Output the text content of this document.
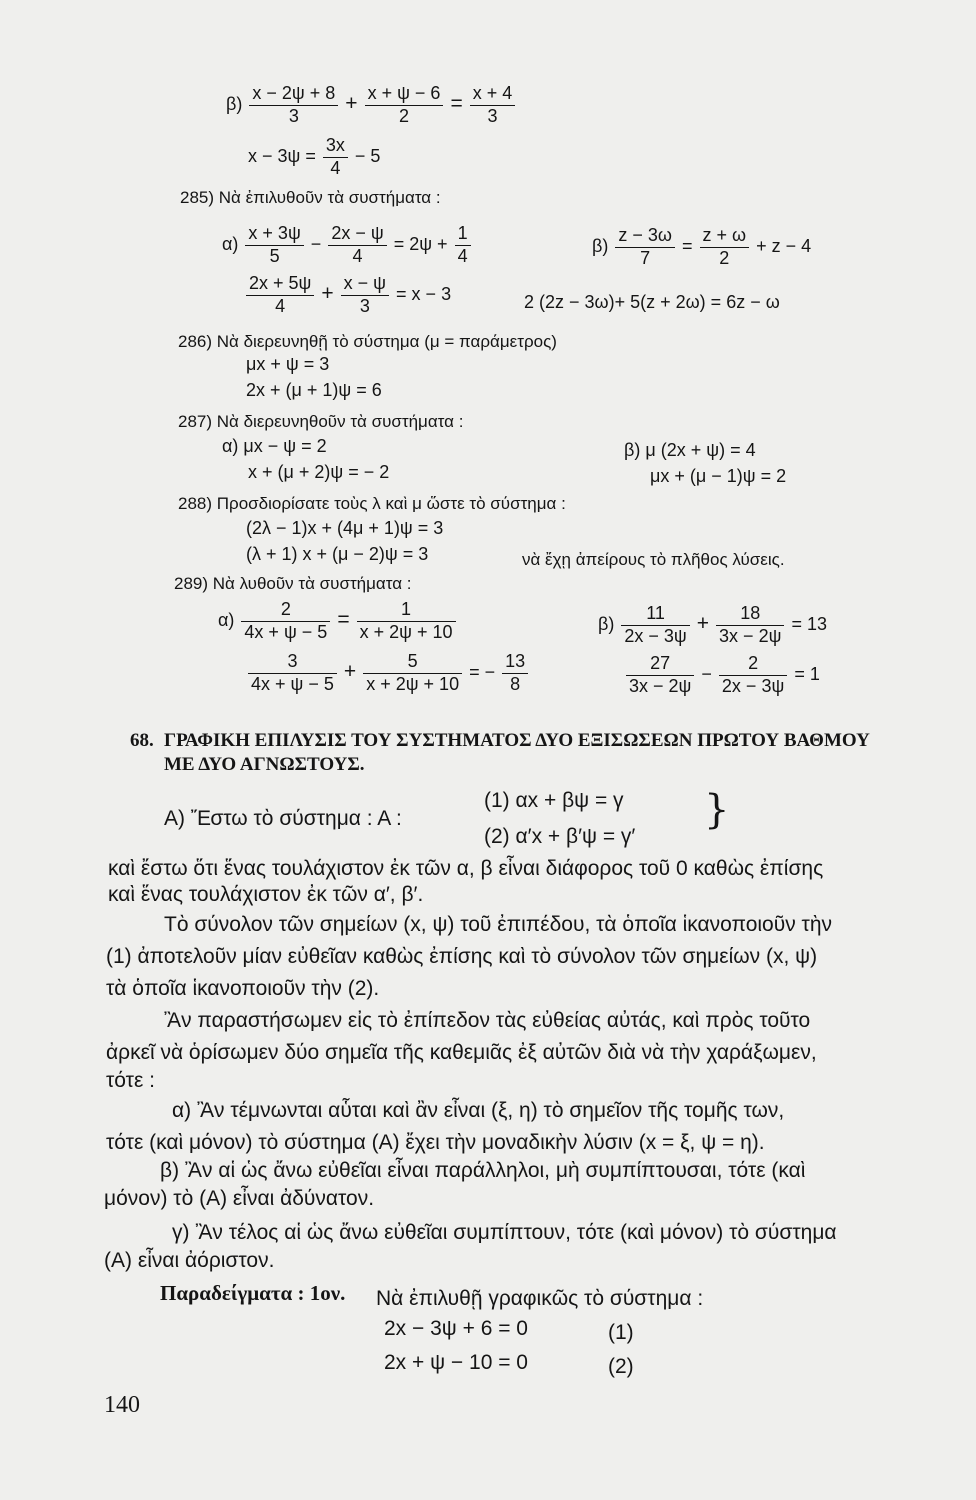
$\beta) \frac{x - 2\psi + 8}{3} + \frac{x + \psi - 6}{2} = \frac{x + 4}{3}$
$x - 3\psi = \frac{3x}{4} - 5$
285) Νὰ ἐπιλυθοῦν τὰ συστήματα :
$\alpha) \frac{x + 3\psi}{5} - \frac{2x - \psi}{4} = 2\psi + \frac{1}{4}$
$\frac{2x + 5\psi}{4} + \frac{x - \psi}{3} = x - 3$
$\beta) \frac{z - 3\omega}{7} = \frac{z + \omega}{2} + z - 4$
2 (2z − 3ω)+ 5(z + 2ω) = 6z − ω
286) Νὰ διερευνηθῇ τὸ σύστημα (μ = παράμετρος)
μx + ψ = 3
2x + (μ + 1)ψ = 6
287) Νὰ διερευνηθοῦν τὰ συστήματα :
α) μx − ψ = 2
x + (μ + 2)ψ = − 2
β) μ (2x + ψ) = 4
μx + (μ − 1)ψ = 2
288) Προσδιορίσατε τοὺς λ καὶ μ ὥστε τὸ σύστημα :
(2λ − 1)x + (4μ + 1)ψ = 3
(λ + 1) x + (μ − 2)ψ = 3	νὰ ἔχῃ ἀπείρους τὸ πλῆθος λύσεις.
289) Νὰ λυθοῦν τὰ συστήματα :
$\alpha) \frac{2}{4x + \psi - 5} = \frac{1}{x + 2\psi + 10}$
$\frac{3}{4x + \psi - 5} + \frac{5}{x + 2\psi + 10}$ = − $\frac{13}{8}$
$\beta) \frac{11}{2x - 3\psi} + \frac{18}{3x - 2\psi} = 13$
$\frac{27}{3x - 2\psi} - \frac{2}{2x - 3\psi} = 1$
68. ΓΡΑΦΙΚΗ ΕΠΙΛΥΣΙΣ ΤΟΥ ΣΥΣΤΗΜΑΤΟΣ ΔΥΟ ΕΞΙΣΩΣΕΩΝ ΠΡΩΤΟΥ ΒΑΘΜΟΥ
ΜΕ ΔΥΟ ΑΓΝΩΣΤΟΥΣ.
Α) Ἔστω τὸ σύστημα : Α :
(1) αx + βψ = γ
(2) α′x + β′ψ = γ′
}
καὶ ἔστω ὅτι ἕνας τουλάχιστον ἐκ τῶν α, β εἶναι διάφορος τοῦ 0 καθὼς ἐπίσης
καὶ ἕνας τουλάχιστον ἐκ τῶν α′, β′.
Τὸ σύνολον τῶν σημείων (x, ψ) τοῦ ἐπιπέδου, τὰ ὁποῖα ἱκανοποιοῦν τὴν
(1) ἀποτελοῦν μίαν εὐθεῖαν καθὼς ἐπίσης καὶ τὸ σύνολον τῶν σημείων (x, ψ)
τὰ ὁποῖα ἱκανοποιοῦν τὴν (2).
Ἂν παραστήσωμεν εἰς τὸ ἐπίπεδον τὰς εὐθείας αὐτάς, καὶ πρὸς τοῦτο
ἀρκεῖ νὰ ὁρίσωμεν δύο σημεῖα τῆς καθεμιᾶς ἐξ αὐτῶν διὰ νὰ τὴν χαράξωμεν,
τότε :
α) Ἂν τέμνωνται αὗται καὶ ἂν εἶναι (ξ, η) τὸ σημεῖον τῆς τομῆς των,
τότε (καὶ μόνον) τὸ σύστημα (Α) ἔχει τὴν μοναδικὴν λύσιν (x = ξ, ψ = η).
β) Ἂν αἱ ὡς ἄνω εὐθεῖαι εἶναι παράλληλοι, μὴ συμπίπτουσαι, τότε (καὶ
μόνον) τὸ (Α) εἶναι ἀδύνατον.
γ) Ἂν τέλος αἱ ὡς ἄνω εὐθεῖαι συμπίπτουν, τότε (καὶ μόνον) τὸ σύστημα
(Α) εἶναι ἀόριστον.
Παραδείγματα : 1ον. Νὰ ἐπιλυθῇ γραφικῶς τὸ σύστημα :
2x − 3ψ + 6 = 0	(1)
2x + ψ − 10 = 0	(2)
140
